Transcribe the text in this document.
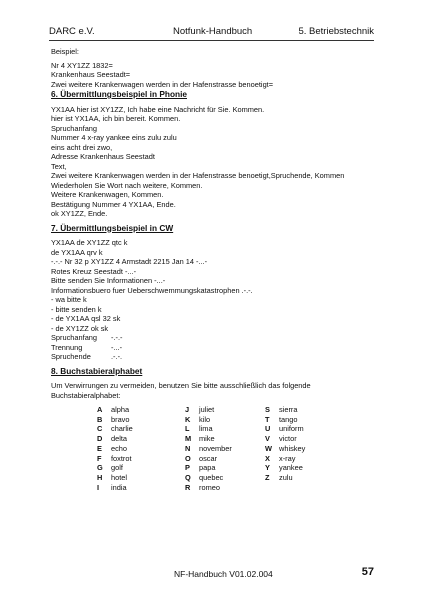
DARC e.V.	Notfunk-Handbuch	5. Betriebstechnik
Beispiel:
Nr 4 XY1ZZ 1832=
Krankenhaus Seestadt=
Zwei weitere Krankenwagen werden in der Hafenstrasse benoetigt=
6. Übermittlungsbeispiel in Phonie
YX1AA hier ist XY1ZZ, Ich habe eine Nachricht für Sie. Kommen.
hier ist YX1AA, ich bin bereit. Kommen.
Spruchanfang
Nummer 4 x-ray yankee eins zulu zulu
eins acht drei zwo,
Adresse Krankenhaus Seestadt
Text,
Zwei weitere Krankenwagen werden in der Hafenstrasse benoetigt,Spruchende, Kommen
Wiederholen Sie Wort nach weitere, Kommen.
Weitere Krankenwagen, Kommen.
Bestätigung Nummer 4 YX1AA, Ende.
ok XY1ZZ, Ende.
7. Übermittlungsbeispiel in CW
YX1AA de XY1ZZ qtc k
de YX1AA qrv k
-.-.- Nr 32 p XY1ZZ 4 Armstadt 2215 Jan 14 -...-
Rotes Kreuz Seestadt -...-
Bitte senden Sie Informationen -...-
Informationsbuero fuer Ueberschwemmungskatastrophen .-.-.
- wa bitte k
- bitte senden k
- de YX1AA qsl 32 sk
- de XY1ZZ ok sk
Spruchanfang	-.-.-
Trennung	-...-
Spruchende	.-.-.
8. Buchstabieralphabet
Um Verwirrungen zu vermeiden, benutzen Sie bitte ausschließlich das folgende
Buchstabieralphabet:
A	alpha	J	juliet	S	sierra
B	bravo	K	kilo	T	tango
C	charlie	L	lima	U	uniform
D	delta	M	mike	V	victor
E	echo	N	november	W whiskey
F	foxtrot	O	oscar	X	x-ray
G	golf	P	papa	Y	yankee
H	hotel	Q	quebec	Z	zulu
I	india	R	romeo
NF-Handbuch V01.02.004	57
